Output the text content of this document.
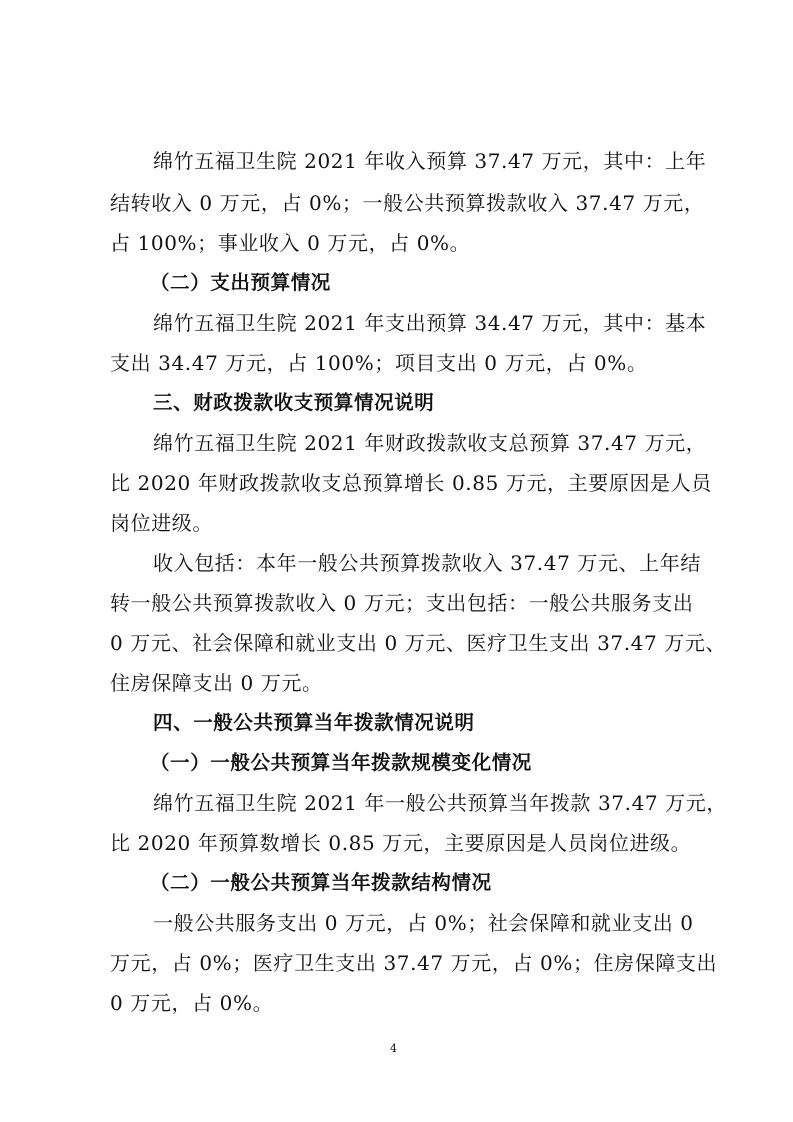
绵竹五福卫生院 2021 年收入预算 37.47 万元，其中：上年
结转收入 0 万元，占 0%；一般公共预算拨款收入 37.47 万元，
占 100%；事业收入 0 万元，占 0%。
（二）支出预算情况
绵竹五福卫生院 2021 年支出预算 34.47 万元，其中：基本
支出 34.47 万元，占 100%；项目支出 0 万元，占 0%。
三、财政拨款收支预算情况说明
绵竹五福卫生院 2021 年财政拨款收支总预算 37.47 万元，
比 2020 年财政拨款收支总预算增长 0.85 万元，主要原因是人员
岗位进级。
收入包括：本年一般公共预算拨款收入 37.47 万元、上年结
转一般公共预算拨款收入 0 万元；支出包括：一般公共服务支出
0 万元、社会保障和就业支出 0 万元、医疗卫生支出 37.47 万元、
住房保障支出 0 万元。
四、一般公共预算当年拨款情况说明
（一）一般公共预算当年拨款规模变化情况
绵竹五福卫生院 2021 年一般公共预算当年拨款 37.47 万元，
比 2020 年预算数增长 0.85 万元，主要原因是人员岗位进级。
（二）一般公共预算当年拨款结构情况
一般公共服务支出 0 万元，占 0%；社会保障和就业支出 0
万元，占 0%；医疗卫生支出 37.47 万元，占 0%；住房保障支出
0 万元，占 0%。
4
